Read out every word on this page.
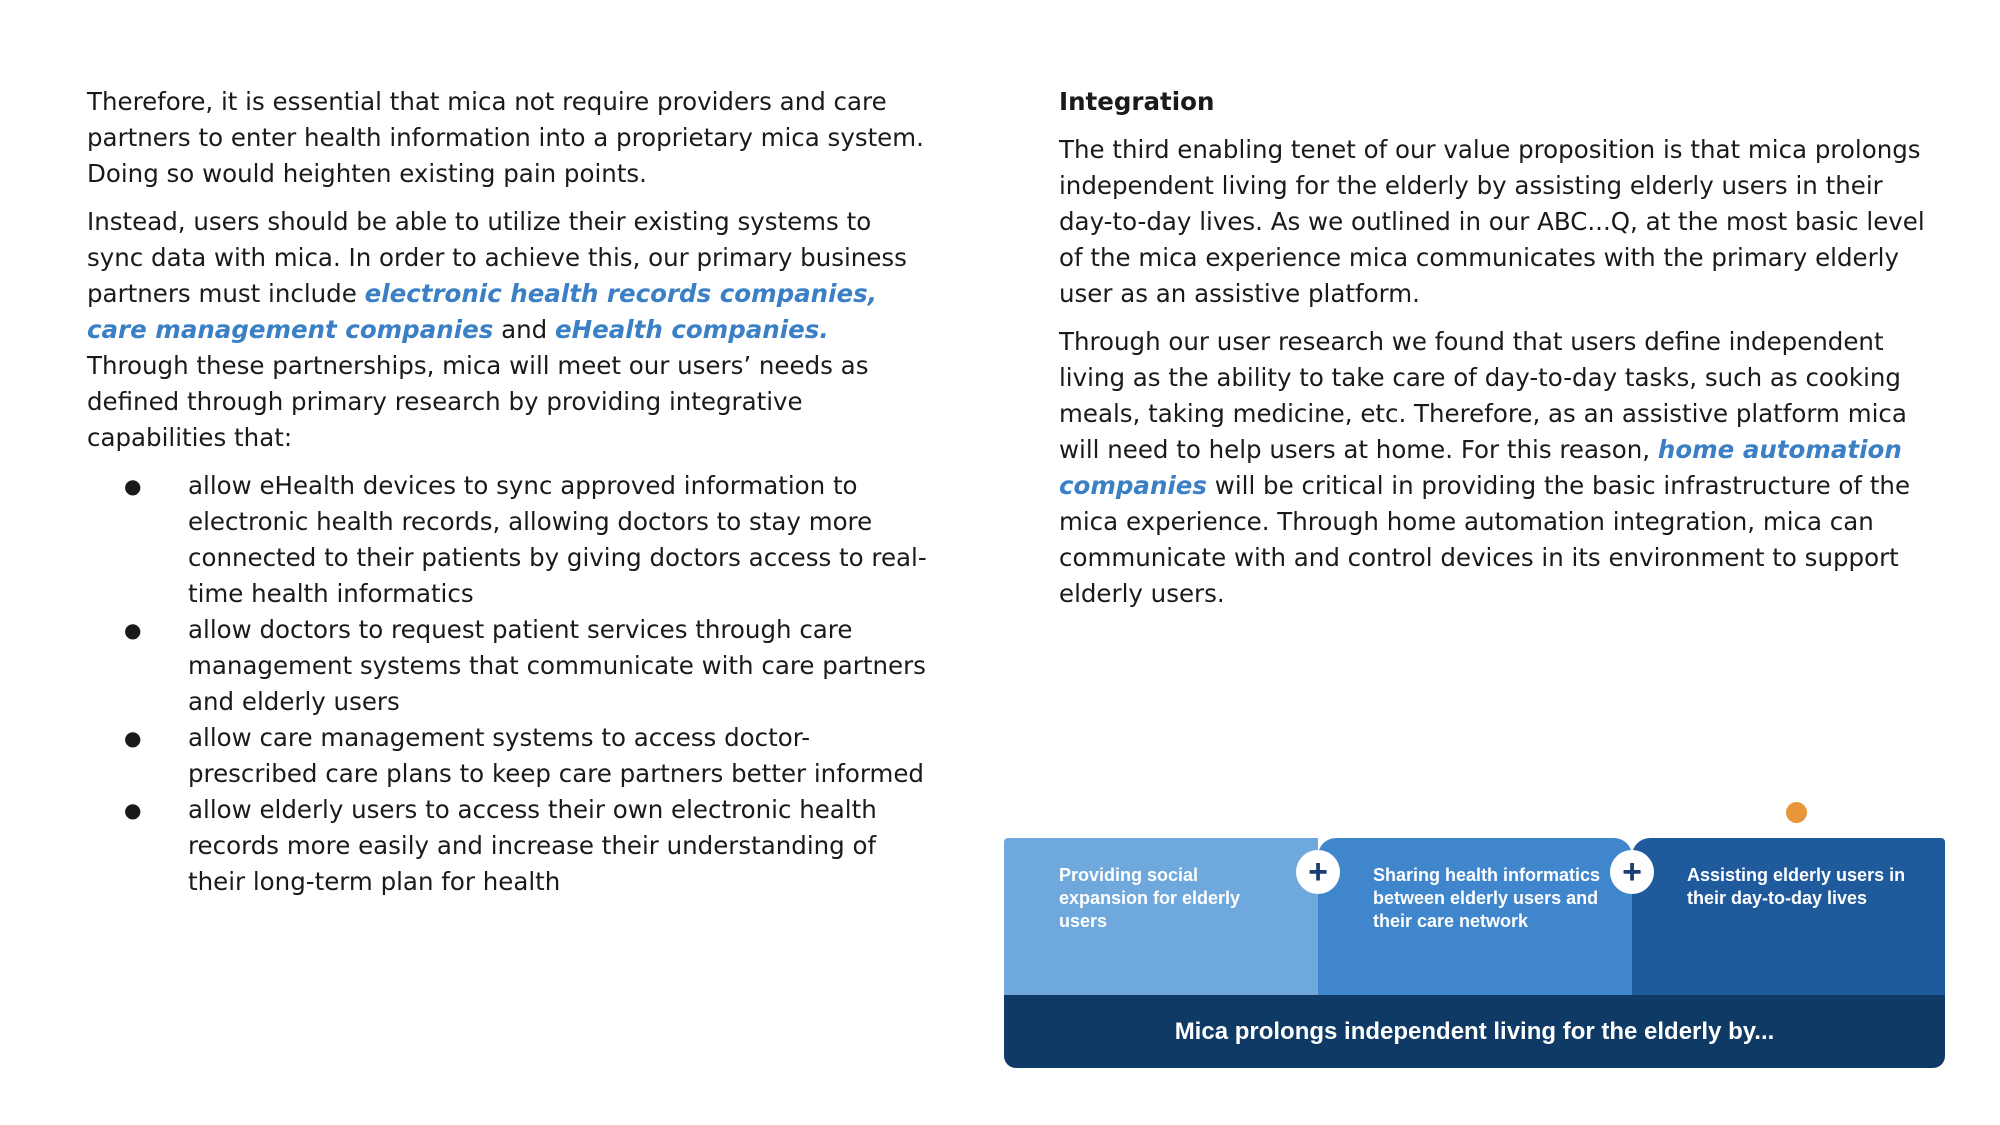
Therefore, it is essential that mica not require providers and care partners to enter health information into a proprietary mica system. Doing so would heighten existing pain points.

Instead, users should be able to utilize their existing systems to sync data with mica. In order to achieve this, our primary business partners must include electronic health records companies, care management companies and eHealth companies. Through these partnerships, mica will meet our users’ needs as defined through primary research by providing integrative capabilities that:

● allow eHealth devices to sync approved information to electronic health records, allowing doctors to stay more connected to their patients by giving doctors access to real-time health informatics
● allow doctors to request patient services through care management systems that communicate with care partners and elderly users
● allow care management systems to access doctor-prescribed care plans to keep care partners better informed
● allow elderly users to access their own electronic health records more easily and increase their understanding of their long-term plan for health

Integration

The third enabling tenet of our value proposition is that mica prolongs independent living for the elderly by assisting elderly users in their day-to-day lives. As we outlined in our ABC...Q, at the most basic level of the mica experience mica communicates with the primary elderly user as an assistive platform.

Through our user research we found that users define independent living as the ability to take care of day-to-day tasks, such as cooking meals, taking medicine, etc. Therefore, as an assistive platform mica will need to help users at home. For this reason, home automation companies will be critical in providing the basic infrastructure of the mica experience. Through home automation integration, mica can communicate with and control devices in its environment to support elderly users.

Providing social expansion for elderly users
Sharing health informatics between elderly users and their care network
Assisting elderly users in their day-to-day lives
+	+
Mica prolongs independent living for the elderly by...
